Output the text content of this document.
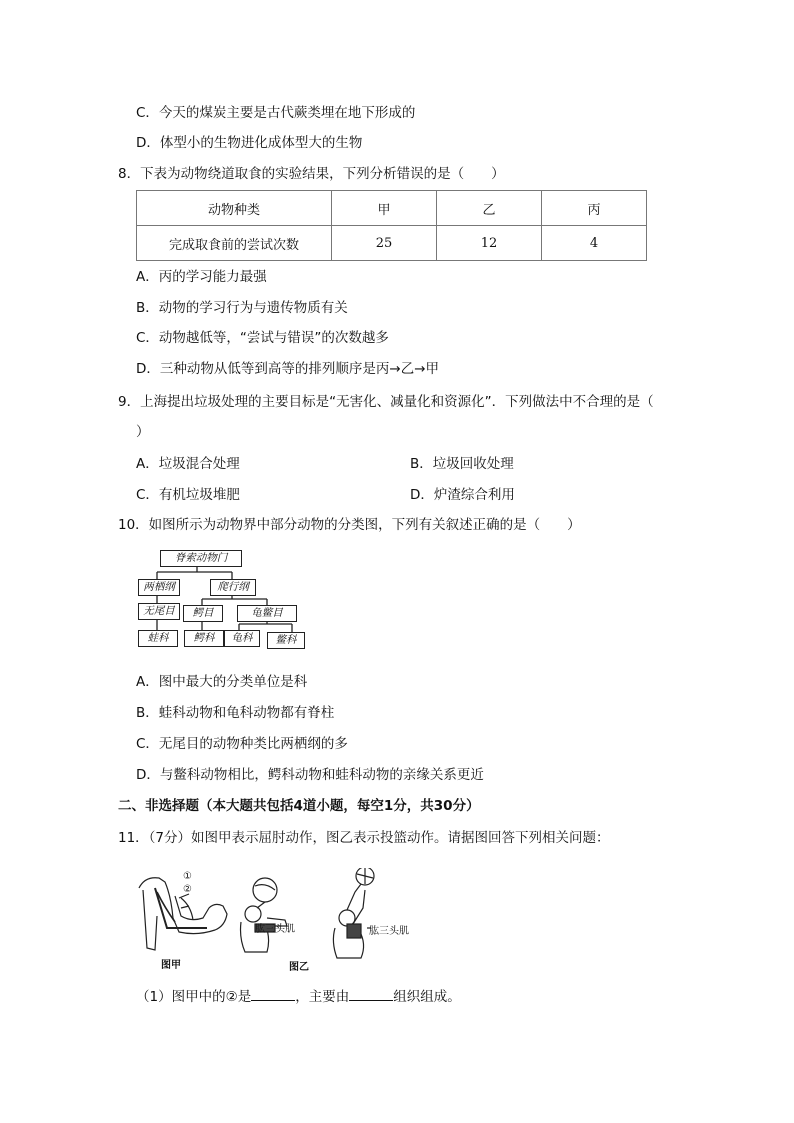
C．今天的煤炭主要是古代蕨类埋在地下形成的
D．体型小的生物进化成体型大的生物
8．下表为动物绕道取食的实验结果，下列分析错误的是（　　）
动物种类	甲	乙	丙
完成取食前的尝试次数	25	12	4
A．丙的学习能力最强
B．动物的学习行为与遗传物质有关
C．动物越低等，“尝试与错误”的次数越多
D．三种动物从低等到高等的排列顺序是丙→乙→甲
9．上海提出垃圾处理的主要目标是“无害化、减量化和资源化”．下列做法中不合理的是（
）
A．垃圾混合处理	B．垃圾回收处理
C．有机垃圾堆肥	D．炉渣综合利用
10．如图所示为动物界中部分动物的分类图，下列有关叙述正确的是（　　）
脊索动物门
两栖纲	爬行纲
无尾目	鳄目	龟鳖目
蛙科	鳄科	龟科	鳖科
A．图中最大的分类单位是科
B．蛙科动物和龟科动物都有脊柱
C．无尾目的动物种类比两栖纲的多
D．与鳖科动物相比，鳄科动物和蛙科动物的亲缘关系更近
二、非选择题（本大题共包括4道小题，每空1分，共30分）
11．（7分）如图甲表示屈肘动作，图乙表示投篮动作。请据图回答下列相关问题：
①
②
肱三头肌	肱三头肌
图甲	图乙
（1）图甲中的②是	，主要由	组织组成。
